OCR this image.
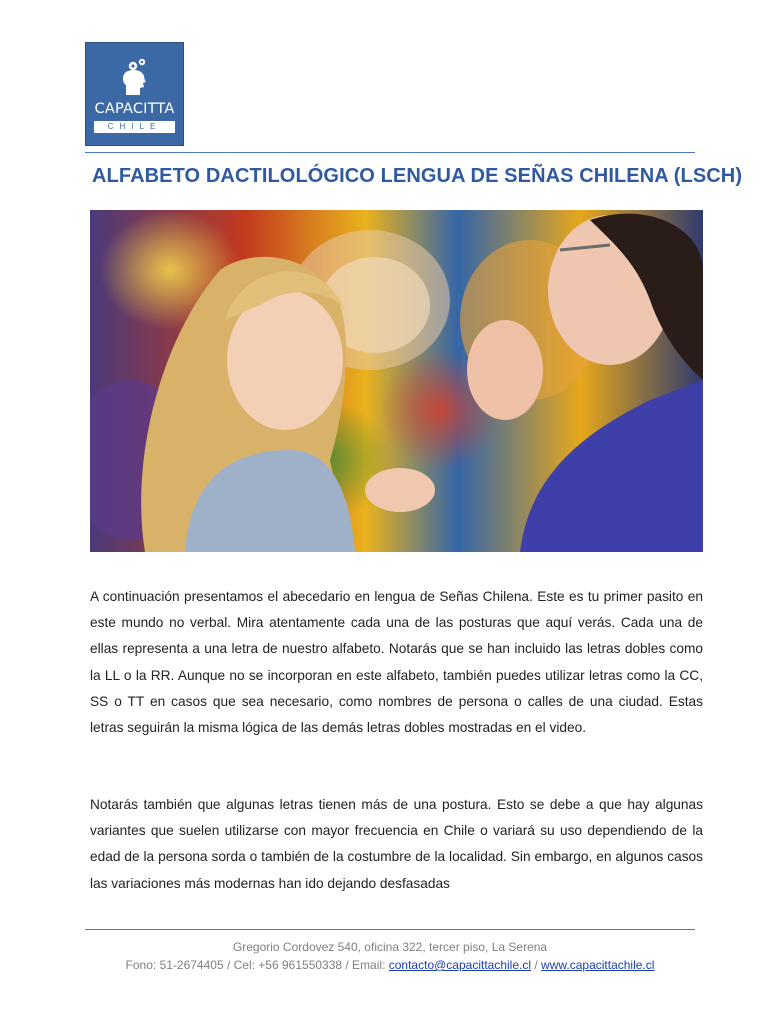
CAPACITTA
CHILE
ALFABETO DACTILOLÓGICO LENGUA DE SEÑAS CHILENA (LSCH)

A continuación presentamos el abecedario en lengua de Señas Chilena. Este es tu primer pasito en este mundo no verbal. Mira atentamente cada una de las posturas que aquí verás. Cada una de ellas representa a una letra de nuestro alfabeto. Notarás que se han incluido las letras dobles como la LL o la RR. Aunque no se incorporan en este alfabeto, también puedes utilizar letras como la CC, SS o TT en casos que sea necesario, como nombres de persona o calles de una ciudad. Estas letras seguirán la misma lógica de las demás letras dobles mostradas en el video.

Notarás también que algunas letras tienen más de una postura. Esto se debe a que hay algunas variantes que suelen utilizarse con mayor frecuencia en Chile o variará su uso dependiendo de la edad de la persona sorda o también de la costumbre de la localidad. Sin embargo, en algunos casos las variaciones más modernas han ido dejando desfasadas

Gregorio Cordovez 540, oficina 322, tercer piso, La Serena
Fono: 51-2674405 / Cel: +56 961550338 / Email: contacto@capacittachile.cl / www.capacittachile.cl
